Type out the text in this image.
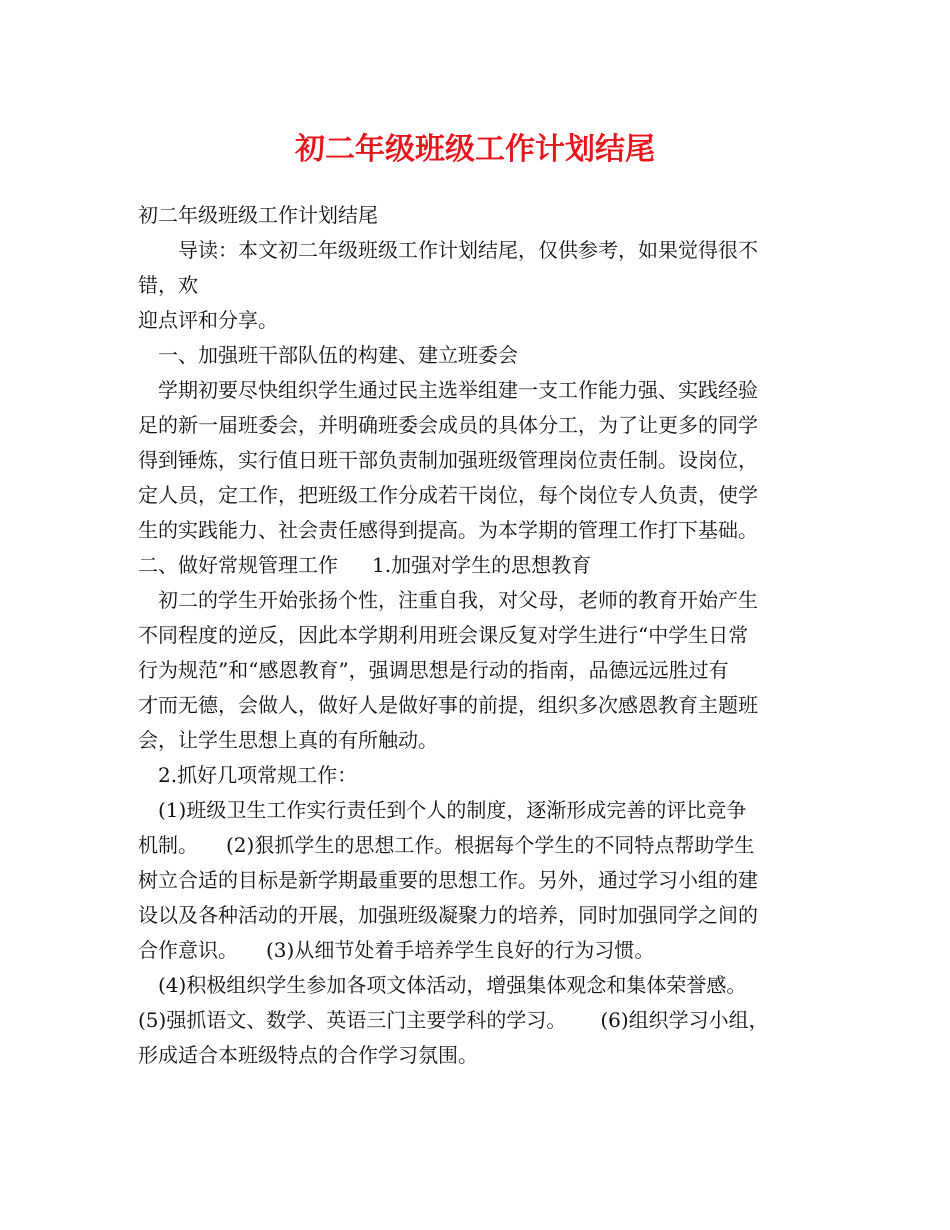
初二年级班级工作计划结尾
初二年级班级工作计划结尾
　　导读：本文初二年级班级工作计划结尾，仅供参考，如果觉得很不
错，欢
迎点评和分享。
　一、加强班干部队伍的构建、建立班委会
　学期初要尽快组织学生通过民主选举组建一支工作能力强、实践经验
足的新一届班委会，并明确班委会成员的具体分工，为了让更多的同学
得到锤炼，实行值日班干部负责制加强班级管理岗位责任制。设岗位，
定人员，定工作，把班级工作分成若干岗位，每个岗位专人负责，使学
生的实践能力、社会责任感得到提高。为本学期的管理工作打下基础。
二、做好常规管理工作 1.加强对学生的思想教育
　初二的学生开始张扬个性，注重自我，对父母，老师的教育开始产生
不同程度的逆反，因此本学期利用班会课反复对学生进行“中学生日常
行为规范”和“感恩教育”，强调思想是行动的指南，品德远远胜过有
才而无德，会做人，做好人是做好事的前提，组织多次感恩教育主题班
会，让学生思想上真的有所触动。
　2.抓好几项常规工作：
　(1)班级卫生工作实行责任到个人的制度，逐渐形成完善的评比竞争
机制。 (2)狠抓学生的思想工作。根据每个学生的不同特点帮助学生
树立合适的目标是新学期最重要的思想工作。另外，通过学习小组的建
设以及各种活动的开展，加强班级凝聚力的培养，同时加强同学之间的
合作意识。 (3)从细节处着手培养学生良好的行为习惯。
　(4)积极组织学生参加各项文体活动，增强集体观念和集体荣誉感。
(5)强抓语文、数学、英语三门主要学科的学习。 (6)组织学习小组，
形成适合本班级特点的合作学习氛围。
